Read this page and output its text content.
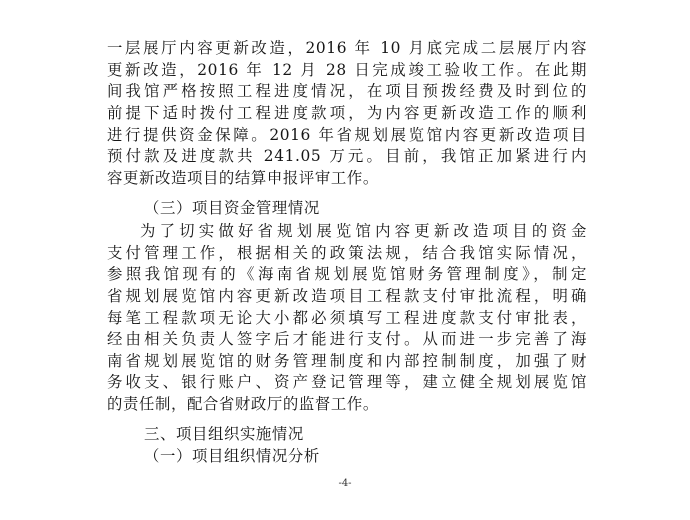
一层展厅内容更新改造，2016 年 10 月底完成二层展厅内容
更新改造，2016 年 12 月 28 日完成竣工验收工作。在此期
间我馆严格按照工程进度情况，在项目预拨经费及时到位的
前提下适时拨付工程进度款项，为内容更新改造工作的顺利
进行提供资金保障。2016 年省规划展览馆内容更新改造项目
预付款及进度款共 241.05 万元。目前，我馆正加紧进行内
容更新改造项目的结算申报评审工作。
（三）项目资金管理情况
为了切实做好省规划展览馆内容更新改造项目的资金
支付管理工作，根据相关的政策法规，结合我馆实际情况，
参照我馆现有的《海南省规划展览馆财务管理制度》，制定
省规划展览馆内容更新改造项目工程款支付审批流程，明确
每笔工程款项无论大小都必须填写工程进度款支付审批表，
经由相关负责人签字后才能进行支付。从而进一步完善了海
南省规划展览馆的财务管理制度和内部控制制度，加强了财
务收支、银行账户、资产登记管理等，建立健全规划展览馆
的责任制，配合省财政厅的监督工作。
三、项目组织实施情况
（一）项目组织情况分析
-4-
